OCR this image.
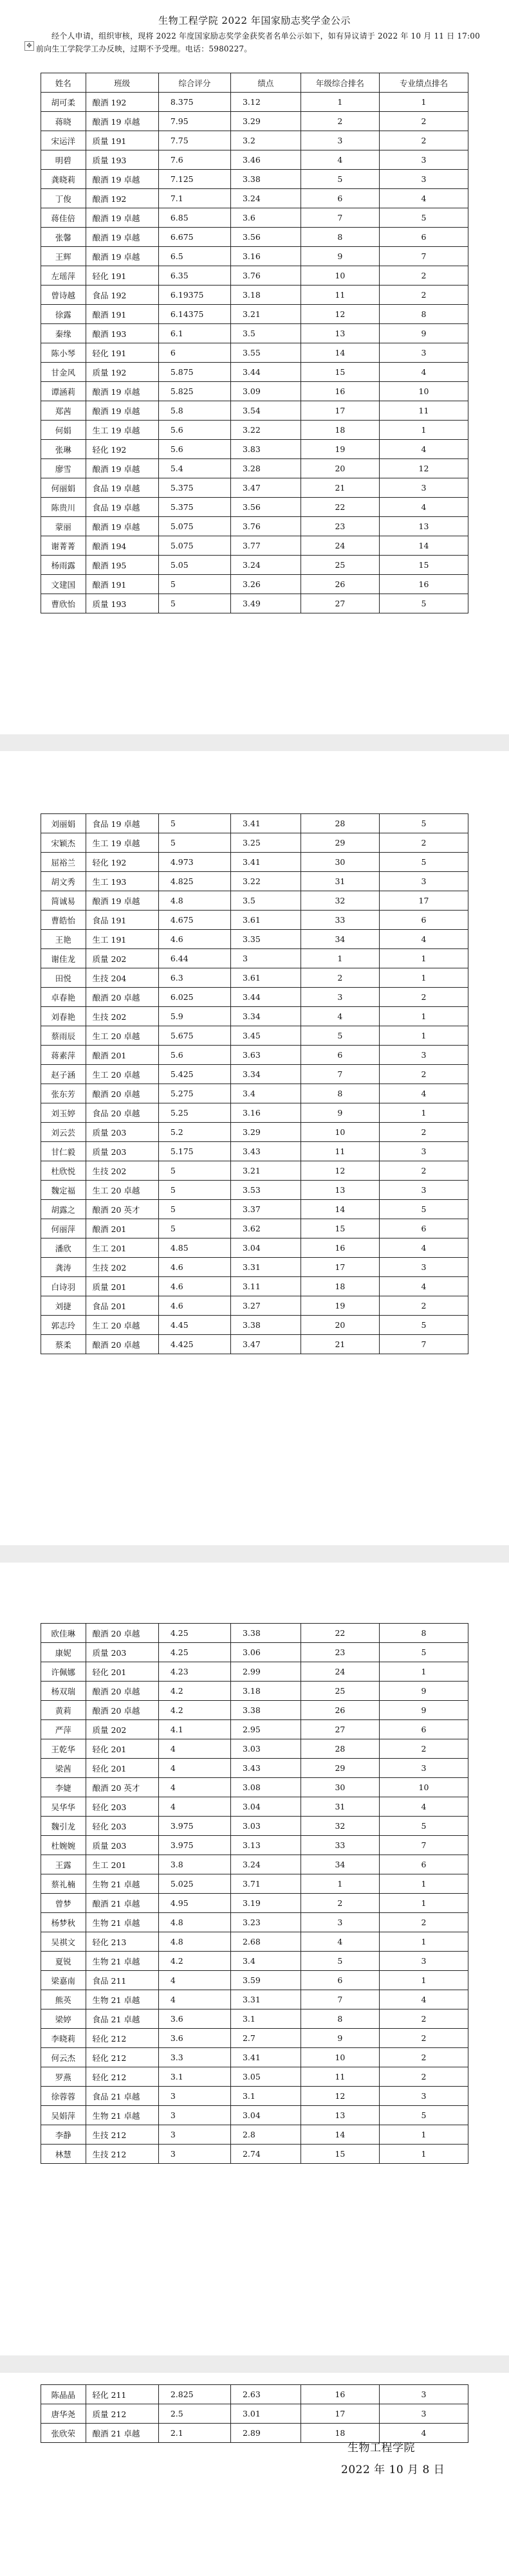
生物工程学院 2022 年国家励志奖学金公示
经个人申请，组织审核，现将 2022 年度国家励志奖学金获奖者名单公示如下，如有异议请于 2022 年 10 月 11 日 17:00 前向生工学院学工办反映，过期不予受理。电话：5980227。
✥
姓名	班级	综合评分	绩点	年级综合排名	专业绩点排名
胡可柔	酿酒 192	8.375	3.12	1	1
蒋晓	酿酒 19 卓越	7.95	3.29	2	2
宋运洋	质量 191	7.75	3.2	3	2
明碧	质量 193	7.6	3.46	4	3
龚晓莉	酿酒 19 卓越	7.125	3.38	5	3
丁俊	酿酒 192	7.1	3.24	6	4
蒋佳倍	酿酒 19 卓越	6.85	3.6	7	5
张馨	酿酒 19 卓越	6.675	3.56	8	6
王辉	酿酒 19 卓越	6.5	3.16	9	7
左瑶萍	轻化 191	6.35	3.76	10	2
曾诗越	食品 192	6.19375	3.18	11	2
徐露	酿酒 191	6.14375	3.21	12	8
秦缘	酿酒 193	6.1	3.5	13	9
陈小琴	轻化 191	6	3.55	14	3
甘金风	质量 192	5.875	3.44	15	4
谭涵莉	酿酒 19 卓越	5.825	3.09	16	10
郑茜	酿酒 19 卓越	5.8	3.54	17	11
何娟	生工 19 卓越	5.6	3.22	18	1
张琳	轻化 192	5.6	3.83	19	4
廖雪	酿酒 19 卓越	5.4	3.28	20	12
何丽娟	食品 19 卓越	5.375	3.47	21	3
陈贵川	食品 19 卓越	5.375	3.56	22	4
蒙丽	酿酒 19 卓越	5.075	3.76	23	13
谢菁菁	酿酒 194	5.075	3.77	24	14
杨雨露	酿酒 195	5.05	3.24	25	15
文建国	酿酒 191	5	3.26	26	16
曹欣怡	质量 193	5	3.49	27	5
刘丽娟	食品 19 卓越	5	3.41	28	5
宋颖杰	生工 19 卓越	5	3.25	29	2
屈裕兰	轻化 192	4.973	3.41	30	5
胡文秀	生工 193	4.825	3.22	31	3
简诚易	酿酒 19 卓越	4.8	3.5	32	17
曹皓怡	食品 191	4.675	3.61	33	6
王艳	生工 191	4.6	3.35	34	4
谢佳龙	质量 202	6.44	3	1	1
田悦	生技 204	6.3	3.61	2	1
卓春艳	酿酒 20 卓越	6.025	3.44	3	2
刘春艳	生技 202	5.9	3.34	4	1
蔡雨辰	生工 20 卓越	5.675	3.45	5	1
蒋素萍	酿酒 201	5.6	3.63	6	3
赵子涵	生工 20 卓越	5.425	3.34	7	2
张东芳	酿酒 20 卓越	5.275	3.4	8	4
刘玉婷	食品 20 卓越	5.25	3.16	9	1
刘云芸	质量 203	5.2	3.29	10	2
甘仁毅	质量 203	5.175	3.43	11	3
杜欣悦	生技 202	5	3.21	12	2
魏定福	生工 20 卓越	5	3.53	13	3
胡露之	酿酒 20 英才	5	3.37	14	5
何丽萍	酿酒 201	5	3.62	15	6
潘欣	生工 201	4.85	3.04	16	4
龚涛	生技 202	4.6	3.31	17	3
白诗羽	质量 201	4.6	3.11	18	4
刘捷	食品 201	4.6	3.27	19	2
郭志玲	生工 20 卓越	4.45	3.38	20	5
蔡柔	酿酒 20 卓越	4.425	3.47	21	7
欧佳琳	酿酒 20 卓越	4.25	3.38	22	8
康妮	质量 203	4.25	3.06	23	5
许佩娜	轻化 201	4.23	2.99	24	1
杨双瑞	酿酒 20 卓越	4.2	3.18	25	9
黄莉	酿酒 20 卓越	4.2	3.38	26	9
严萍	质量 202	4.1	2.95	27	6
王乾华	轻化 201	4	3.03	28	2
梁茜	轻化 201	4	3.43	29	3
李婕	酿酒 20 英才	4	3.08	30	10
吴华华	轻化 203	4	3.04	31	4
魏引龙	轻化 203	3.975	3.03	32	5
杜婉婉	质量 203	3.975	3.13	33	7
王露	生工 201	3.8	3.24	34	6
蔡礼楠	生物 21 卓越	5.025	3.71	1	1
曾梦	酿酒 21 卓越	4.95	3.19	2	1
杨梦秋	生物 21 卓越	4.8	3.23	3	2
吴祺文	轻化 213	4.8	2.68	4	1
夏锐	生物 21 卓越	4.2	3.4	5	3
梁嘉南	食品 211	4	3.59	6	1
熊英	生物 21 卓越	4	3.31	7	4
梁婷	食品 21 卓越	3.6	3.1	8	2
李晓莉	轻化 212	3.6	2.7	9	2
何云杰	轻化 212	3.3	3.41	10	2
罗燕	轻化 212	3.1	3.05	11	2
徐蓉蓉	食品 21 卓越	3	3.1	12	3
吴娟萍	生物 21 卓越	3	3.04	13	5
李静	生技 212	3	2.8	14	1
林慧	生技 212	3	2.74	15	1
陈晶晶	轻化 211	2.825	2.63	16	3
唐华尧	质量 212	2.5	3.01	17	3
张欣荣	酿酒 21 卓越	2.1	2.89	18	4
生物工程学院
2022 年 10 月 8 日
